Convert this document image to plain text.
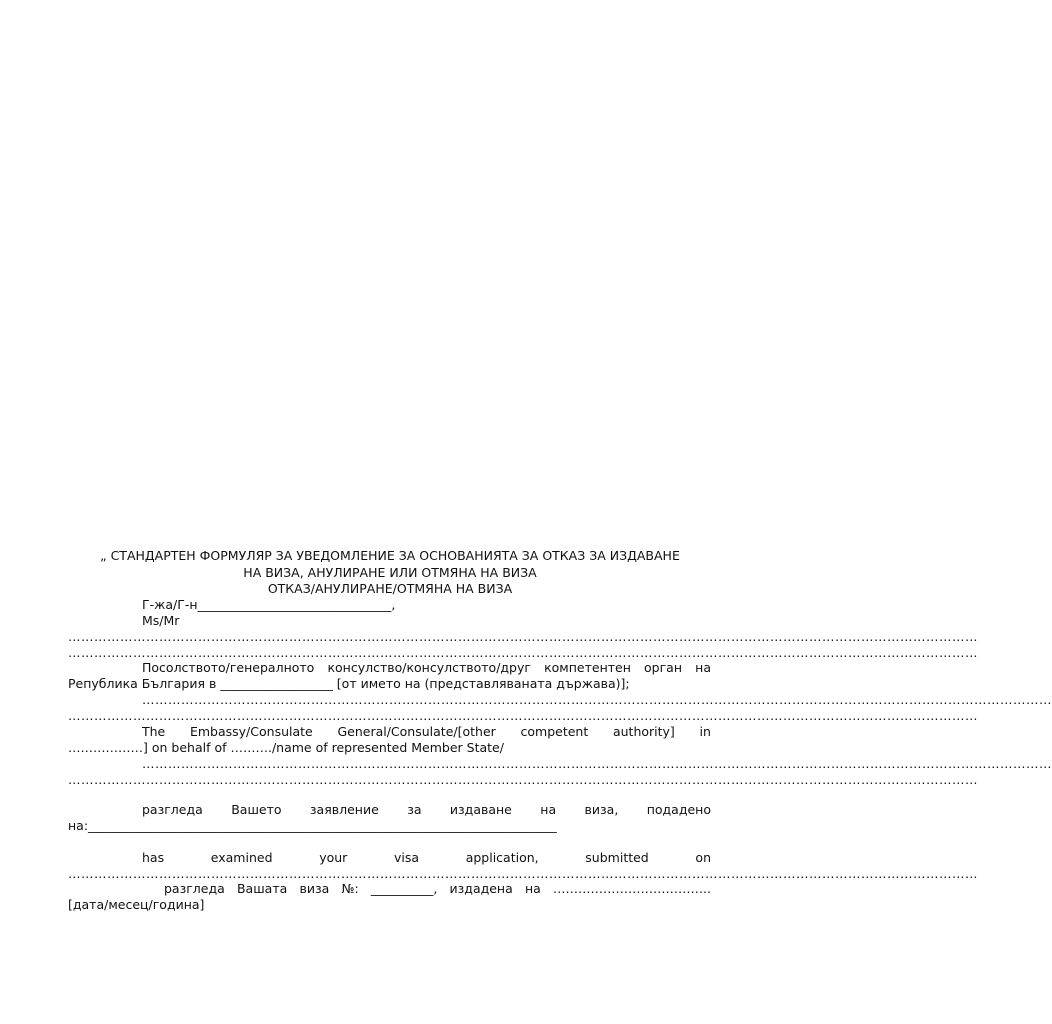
„ СТАНДАРТЕН ФОРМУЛЯР ЗА УВЕДОМЛЕНИЕ ЗА ОСНОВАНИЯТА ЗА ОТКАЗ ЗА ИЗДАВАНЕ
НА ВИЗА, АНУЛИРАНЕ ИЛИ ОТМЯНА НА ВИЗА
ОТКАЗ/АНУЛИРАНЕ/ОТМЯНА НА ВИЗА
Г-жа/Г-н_______________________________,
Ms/Mr
…………………………………………………………………………………………………………………………………………………………………………………………
…………………………………………………………………………………………………………………………………………………………………………………………
Посолството/генералното консулство/консулството/друг компетентен орган на
Република България в __________________ [от името на (представляваната държава)];
…………………………………………………………………………………………………………………………………………………………………………………………
…………………………………………………………………………………………………………………………………………………………………………………………
The Embassy/Consulate General/Consulate/[other competent authority] in
………………] on behalf of ………./name of represented Member State/
…………………………………………………………………………………………………………………………………………………………………………………………
…………………………………………………………………………………………………………………………………………………………………………………………
разгледа Вашето заявление за издаване на виза, подадено
на:___________________________________________________________________________
has	examined	your	visa	application,	submitted	on
…………………………………………………………………………………………………………………………………………………………………………………………
разгледа Вашата виза №: __________, издадена на ………………………………..
[дата/месец/година]
